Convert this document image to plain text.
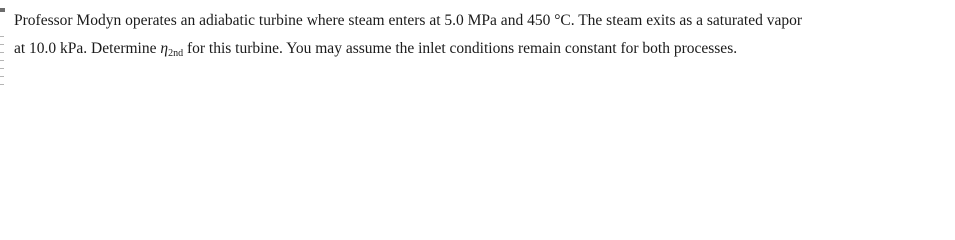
Professor Modyn operates an adiabatic turbine where steam enters at 5.0 MPa and 450 °C. The steam exits as a saturated vapor
at 10.0 kPa. Determine $\eta_{2nd}$ for this turbine. You may assume the inlet conditions remain constant for both processes.
